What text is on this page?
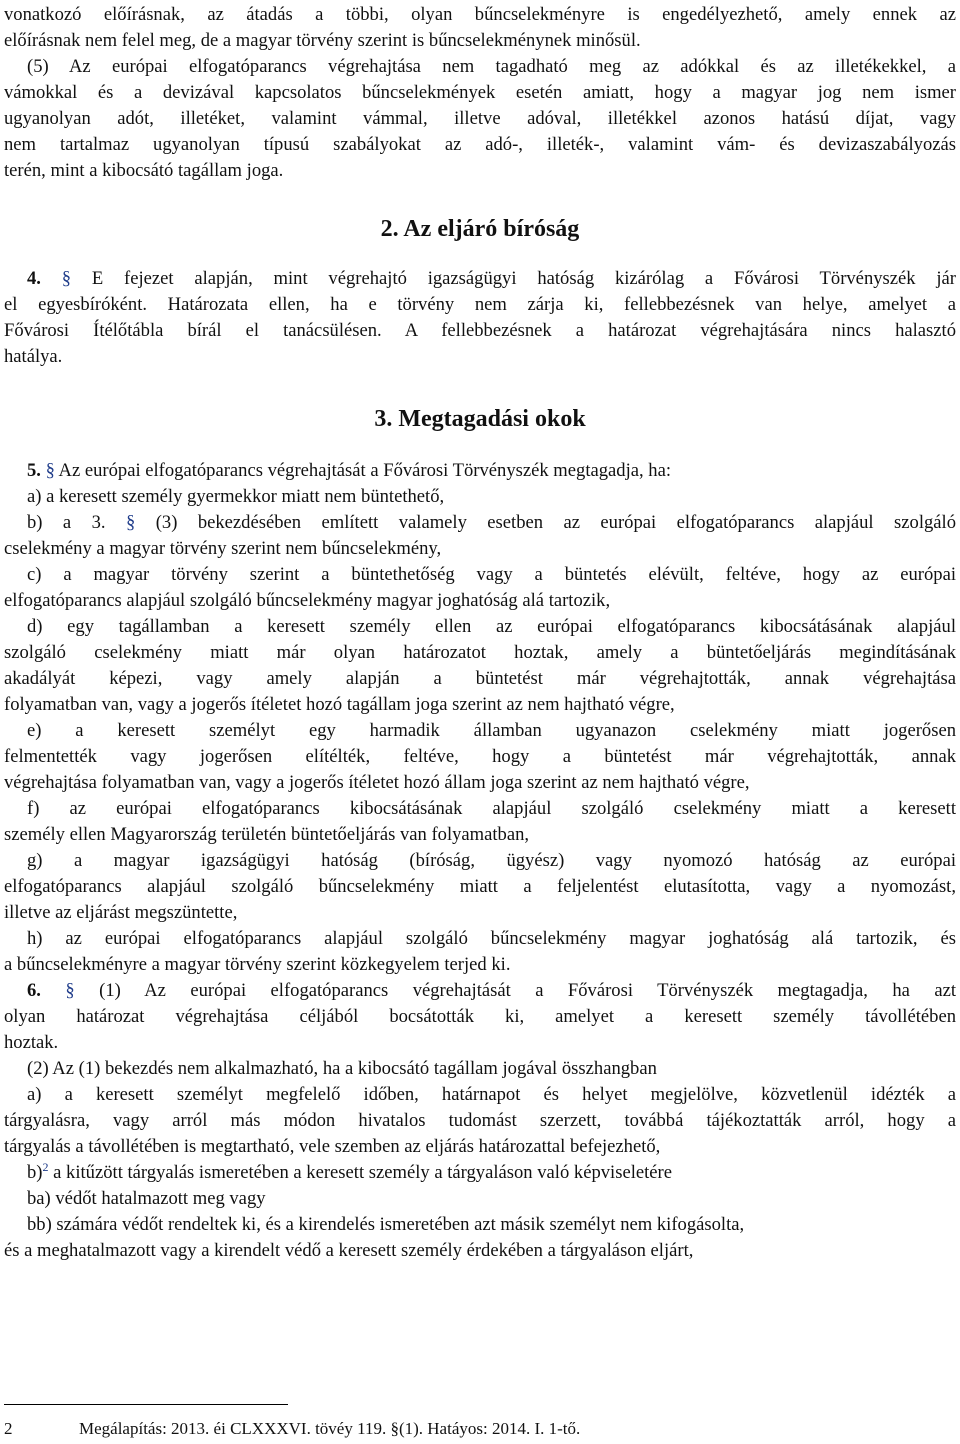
vonatkozó előírásnak, az átadás a többi, olyan bűncselekményre is engedélyezhető, amely ennek az
előírásnak nem felel meg, de a magyar törvény szerint is bűncselekménynek minősül.
(5) Az európai elfogatóparancs végrehajtása nem tagadható meg az adókkal és az illetékekkel, a
vámokkal és a devizával kapcsolatos bűncselekmények esetén amiatt, hogy a magyar jog nem ismer
ugyanolyan adót, illetéket, valamint vámmal, illetve adóval, illetékkel azonos hatású díjat, vagy
nem tartalmaz ugyanolyan típusú szabályokat az adó-, illeték-, valamint vám- és devizaszabályozás
terén, mint a kibocsátó tagállam joga.
2. Az eljáró bíróság
4. § E fejezet alapján, mint végrehajtó igazságügyi hatóság kizárólag a Fővárosi Törvényszék jár
el egyesbíróként. Határozata ellen, ha e törvény nem zárja ki, fellebbezésnek van helye, amelyet a
Fővárosi Ítélőtábla bírál el tanácsülésen. A fellebbezésnek a határozat végrehajtására nincs halasztó
hatálya.
3. Megtagadási okok
5. § Az európai elfogatóparancs végrehajtását a Fővárosi Törvényszék megtagadja, ha:
a) a keresett személy gyermekkor miatt nem büntethető,
b) a 3. § (3) bekezdésében említett valamely esetben az európai elfogatóparancs alapjául szolgáló
cselekmény a magyar törvény szerint nem bűncselekmény,
c) a magyar törvény szerint a büntethetőség vagy a büntetés elévült, feltéve, hogy az európai
elfogatóparancs alapjául szolgáló bűncselekmény magyar joghatóság alá tartozik,
d) egy tagállamban a keresett személy ellen az európai elfogatóparancs kibocsátásának alapjául
szolgáló cselekmény miatt már olyan határozatot hoztak, amely a büntetőeljárás megindításának
akadályát képezi, vagy amely alapján a büntetést már végrehajtották, annak végrehajtása
folyamatban van, vagy a jogerős ítéletet hozó tagállam joga szerint az nem hajtható végre,
e) a keresett személyt egy harmadik államban ugyanazon cselekmény miatt jogerősen
felmentették vagy jogerősen elítélték, feltéve, hogy a büntetést már végrehajtották, annak
végrehajtása folyamatban van, vagy a jogerős ítéletet hozó állam joga szerint az nem hajtható végre,
f) az európai elfogatóparancs kibocsátásának alapjául szolgáló cselekmény miatt a keresett
személy ellen Magyarország területén büntetőeljárás van folyamatban,
g) a magyar igazságügyi hatóság (bíróság, ügyész) vagy nyomozó hatóság az európai
elfogatóparancs alapjául szolgáló bűncselekmény miatt a feljelentést elutasította, vagy a nyomozást,
illetve az eljárást megszüntette,
h) az európai elfogatóparancs alapjául szolgáló bűncselekmény magyar joghatóság alá tartozik, és
a bűncselekményre a magyar törvény szerint közkegyelem terjed ki.
6. § (1) Az európai elfogatóparancs végrehajtását a Fővárosi Törvényszék megtagadja, ha azt
olyan határozat végrehajtása céljából bocsátották ki, amelyet a keresett személy távollétében
hoztak.
(2) Az (1) bekezdés nem alkalmazható, ha a kibocsátó tagállam jogával összhangban
a) a keresett személyt megfelelő időben, határnapot és helyet megjelölve, közvetlenül idézték a
tárgyalásra, vagy arról más módon hivatalos tudomást szerzett, továbbá tájékoztatták arról, hogy a
tárgyalás a távollétében is megtartható, vele szemben az eljárás határozattal befejezhető,
b)$^2$ a kitűzött tárgyalás ismeretében a keresett személy a tárgyaláson való képviseletére
ba) védőt hatalmazott meg vagy
bb) számára védőt rendeltek ki, és a kirendelés ismeretében azt másik személyt nem kifogásolta,
és a meghatalmazott vagy a kirendelt védő a keresett személy érdekében a tárgyaláson eljárt,
2	Megálapítás: 2013. éi CLXXXVI. tövéy 119. §(1). Hatáyos: 2014. I. 1-tő.
